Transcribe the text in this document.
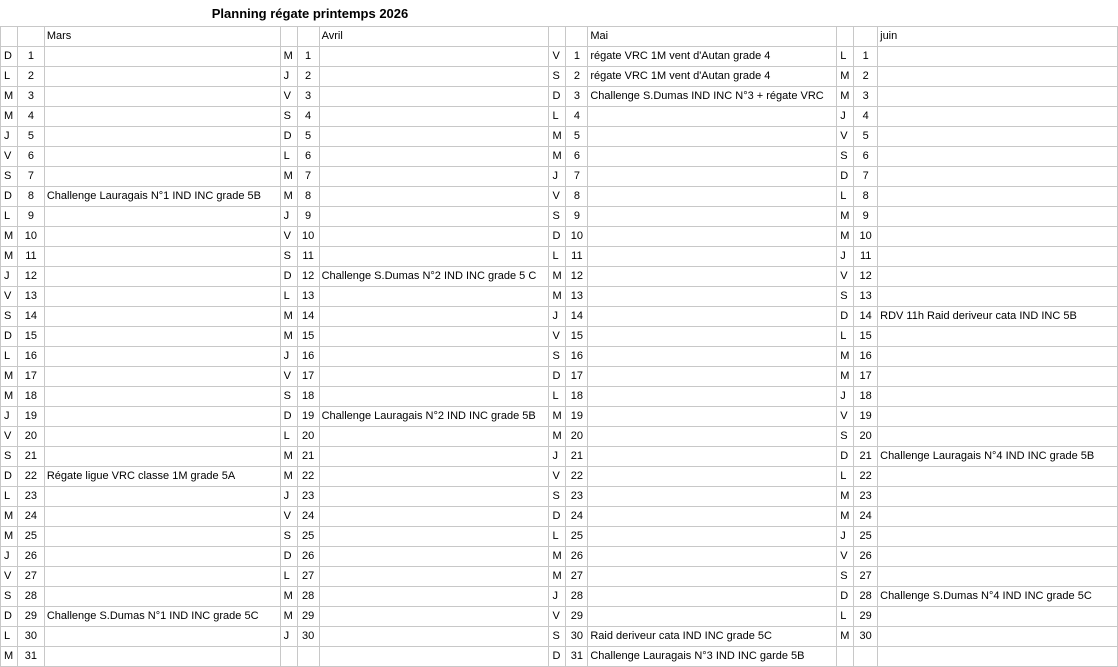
Planning régate printemps 2026
		Mars			Avril			Mai			juin
D	1		M	1		V	1	régate VRC 1M vent d'Autan grade 4	L	1	
L	2		J	2		S	2	régate VRC 1M vent d'Autan grade 4	M	2	
M	3		V	3		D	3	Challenge S.Dumas IND INC N°3 + régate VRC	M	3	
M	4		S	4		L	4		J	4	
J	5		D	5		M	5		V	5	
V	6		L	6		M	6		S	6	
S	7		M	7		J	7		D	7	
D	8	Challenge Lauragais N°1 IND INC grade 5B	M	8		V	8		L	8	
L	9		J	9		S	9		M	9	
M	10		V	10		D	10		M	10	
M	11		S	11		L	11		J	11	
J	12		D	12	Challenge S.Dumas N°2 IND INC grade 5 C	M	12		V	12	
V	13		L	13		M	13		S	13	
S	14		M	14		J	14		D	14	RDV 11h Raid deriveur cata IND INC 5B
D	15		M	15		V	15		L	15	
L	16		J	16		S	16		M	16	
M	17		V	17		D	17		M	17	
M	18		S	18		L	18		J	18	
J	19		D	19	Challenge Lauragais N°2 IND INC grade 5B	M	19		V	19	
V	20		L	20		M	20		S	20	
S	21		M	21		J	21		D	21	Challenge Lauragais N°4 IND INC grade 5B
D	22	Régate ligue VRC classe 1M grade 5A	M	22		V	22		L	22	
L	23		J	23		S	23		M	23	
M	24		V	24		D	24		M	24	
M	25		S	25		L	25		J	25	
J	26		D	26		M	26		V	26	
V	27		L	27		M	27		S	27	
S	28		M	28		J	28		D	28	Challenge S.Dumas N°4 IND INC grade 5C
D	29	Challenge S.Dumas N°1 IND INC grade 5C	M	29		V	29		L	29	
L	30		J	30		S	30	Raid deriveur cata IND INC grade 5C	M	30	
M	31					D	31	Challenge Lauragais N°3 IND INC garde 5B			
